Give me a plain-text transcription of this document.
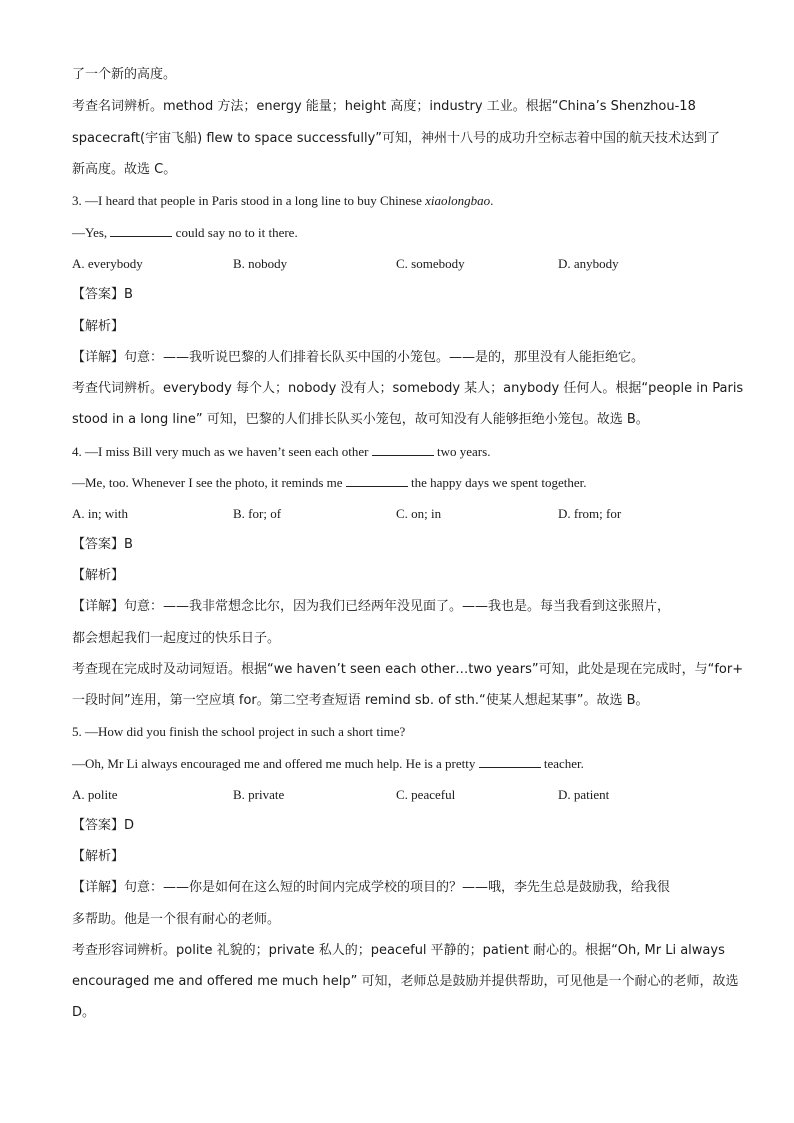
了一个新的高度。
考查名词辨析。method 方法；energy 能量；height 高度；industry 工业。根据“China’s Shenzhou-18
spacecraft(宇宙飞船) flew to space successfully”可知，神州十八号的成功升空标志着中国的航天技术达到了
新高度。故选 C。
3. —I heard that people in Paris stood in a long line to buy Chinese xiaolongbao.
—Yes,	could say no to it there.
A. everybody	B. nobody	C. somebody	D. anybody
【答案】B
【解析】
【详解】句意：——我听说巴黎的人们排着长队买中国的小笼包。——是的，那里没有人能拒绝它。
考查代词辨析。everybody 每个人；nobody 没有人；somebody 某人；anybody 任何人。根据“people in Paris
stood in a long line” 可知，巴黎的人们排长队买小笼包，故可知没有人能够拒绝小笼包。故选 B。
4. —I miss Bill very much as we haven’t seen each other	two years.
—Me, too. Whenever I see the photo, it reminds me	the happy days we spent together.
A. in; with	B. for; of	C. on; in	D. from; for
【答案】B
【解析】
【详解】句意：——我非常想念比尔，因为我们已经两年没见面了。——我也是。每当我看到这张照片，
都会想起我们一起度过的快乐日子。
考查现在完成时及动词短语。根据“we haven’t seen each other…two years”可知，此处是现在完成时，与“for+
一段时间”连用，第一空应填 for。第二空考查短语 remind sb. of sth.“使某人想起某事”。故选 B。
5. —How did you finish the school project in such a short time?
—Oh, Mr Li always encouraged me and offered me much help. He is a pretty	teacher.
A. polite	B. private	C. peaceful	D. patient
【答案】D
【解析】
【详解】句意：——你是如何在这么短的时间内完成学校的项目的？——哦，李先生总是鼓励我，给我很
多帮助。他是一个很有耐心的老师。
考查形容词辨析。polite 礼貌的；private 私人的；peaceful 平静的；patient 耐心的。根据“Oh, Mr Li always
encouraged me and offered me much help” 可知，老师总是鼓励并提供帮助，可见他是一个耐心的老师，故选
D。
